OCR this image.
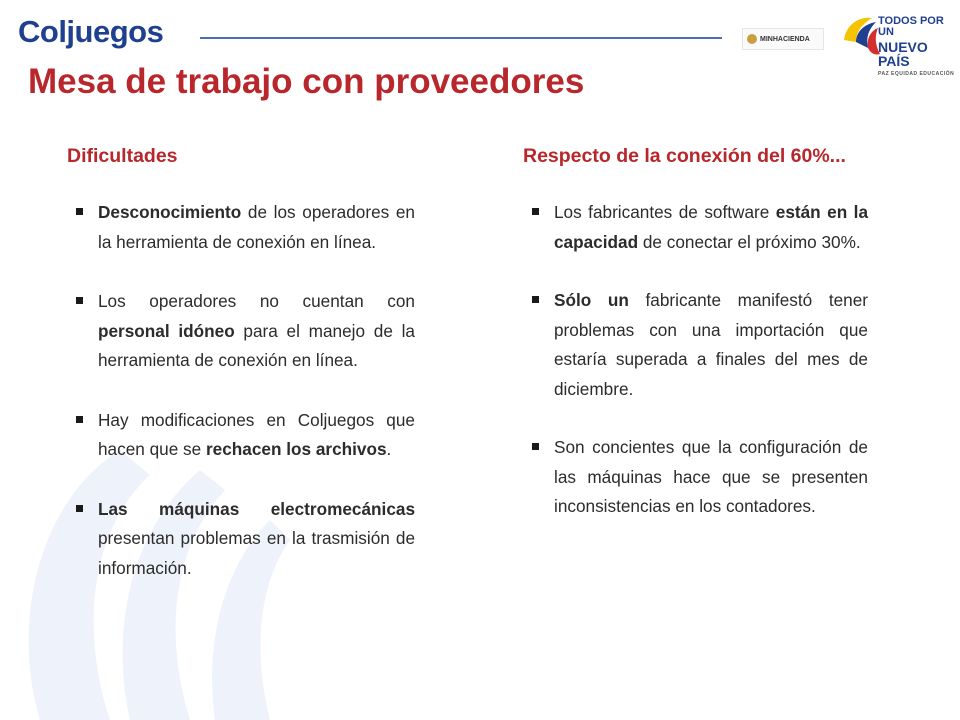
Coljuegos	MINHACIENDA
TODOS POR UN
NUEVO PAÍS
PAZ EQUIDAD EDUCACIÓN
Mesa de trabajo con proveedores
Dificultades
Desconocimiento de los operadores en la herramienta de conexión en línea.
Los operadores no cuentan con personal idóneo para el manejo de la herramienta de conexión en línea.
Hay modificaciones en Coljuegos que hacen que se rechacen los archivos.
Las máquinas electromecánicas presentan problemas en la trasmisión de información.
Respecto de la conexión del 60%...
Los fabricantes de software están en la capacidad de conectar el próximo 30%.
Sólo un fabricante manifestó tener problemas con una importación que estaría superada a finales del mes de diciembre.
Son concientes que la configuración de las máquinas hace que se presenten inconsistencias en los contadores.
